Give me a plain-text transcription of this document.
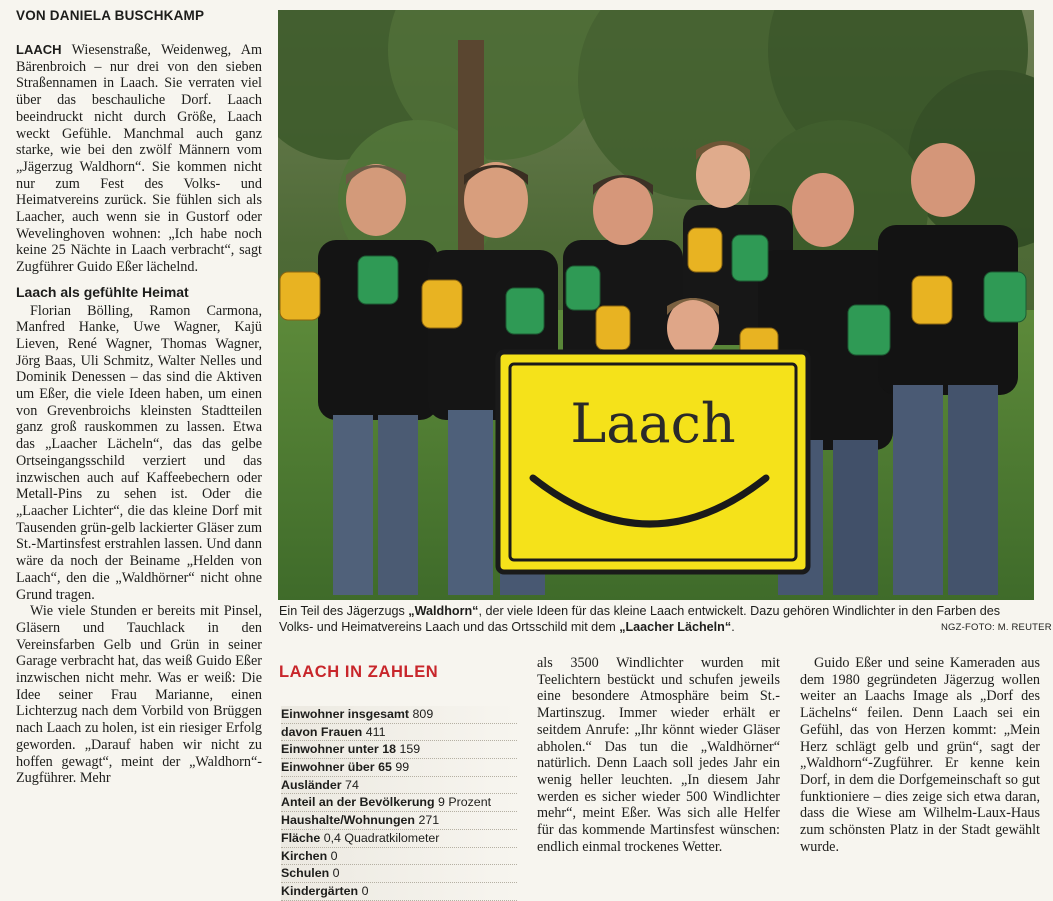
VON DANIELA BUSCHKAMP

LAACH Wiesenstraße, Weidenweg, Am Bärenbroich – nur drei von den sieben Straßennamen in Laach. Sie verraten viel über das beschauliche Dorf. Laach beeindruckt nicht durch Größe, Laach weckt Gefühle. Manchmal auch ganz starke, wie bei den zwölf Männern vom „Jägerzug Waldhorn“. Sie kommen nicht nur zum Fest des Volks- und Heimatvereins zurück. Sie fühlen sich als Laacher, auch wenn sie in Gustorf oder Wevelinghoven wohnen: „Ich habe noch keine 25 Nächte in Laach verbracht“, sagt Zugführer Guido Eßer lächelnd.

Laach als gefühlte Heimat

Florian Bölling, Ramon Carmona, Manfred Hanke, Uwe Wagner, Kajü Lieven, René Wagner, Thomas Wagner, Jörg Baas, Uli Schmitz, Walter Nelles und Dominik Denessen – das sind die Aktiven um Eßer, die viele Ideen haben, um einen von Grevenbroichs kleinsten Stadtteilen ganz groß rauskommen zu lassen. Etwa das „Laacher Lächeln“, das das gelbe Ortseingangsschild verziert und das inzwischen auch auf Kaffeebechern oder Metall-Pins zu sehen ist. Oder die „Laacher Lichter“, die das kleine Dorf mit Tausenden grün-gelb lackierter Gläser zum St.-Martinsfest erstrahlen lassen. Und dann wäre da noch der Beiname „Helden von Laach“, den die „Waldhörner“ nicht ohne Grund tragen.

Wie viele Stunden er bereits mit Pinsel, Gläsern und Tauchlack in den Vereinsfarben Gelb und Grün in seiner Garage verbracht hat, das weiß Guido Eßer inzwischen nicht mehr. Was er weiß: Die Idee seiner Frau Marianne, einen Lichterzug nach dem Vorbild von Brüggen nach Laach zu holen, ist ein riesiger Erfolg geworden. „Darauf haben wir nicht zu hoffen gewagt“, meint der „Waldhorn“-Zugführer. Mehr

Laach
Ein Teil des Jägerzugs „Waldhorn“, der viele Ideen für das kleine Laach entwickelt. Dazu gehören Windlichter in den Farben des Volks- und Heimatvereins Laach und das Ortsschild mit dem „Laacher Lächeln“.	NGZ-FOTO: M. REUTER
LAACH IN ZAHLEN
Einwohner insgesamt 809
davon Frauen 411
Einwohner unter 18 159
Einwohner über 65 99
Ausländer 74
Anteil an der Bevölkerung 9 Prozent
Haushalte/Wohnungen 271
Fläche 0,4 Quadratkilometer
Kirchen 0
Schulen 0
Kindergärten 0

als 3500 Windlichter wurden mit Teelichtern bestückt und schufen jeweils eine besondere Atmosphäre beim St.-Martinszug. Immer wieder erhält er seitdem Anrufe: „Ihr könnt wieder Gläser abholen.“ Das tun die „Waldhörner“ natürlich. Denn Laach soll jedes Jahr ein wenig heller leuchten. „In diesem Jahr werden es sicher wieder 500 Windlichter mehr“, meint Eßer. Was sich alle Helfer für das kommende Martinsfest wünschen: endlich einmal trockenes Wetter.

Guido Eßer und seine Kameraden aus dem 1980 gegründeten Jägerzug wollen weiter an Laachs Image als „Dorf des Lächelns“ feilen. Denn Laach sei ein Gefühl, das von Herzen kommt: „Mein Herz schlägt gelb und grün“, sagt der „Waldhorn“-Zugführer. Er kenne kein Dorf, in dem die Dorfgemeinschaft so gut funktioniere – dies zeige sich etwa daran, dass die Wiese am Wilhelm-Laux-Haus zum schönsten Platz in der Stadt gewählt wurde.
